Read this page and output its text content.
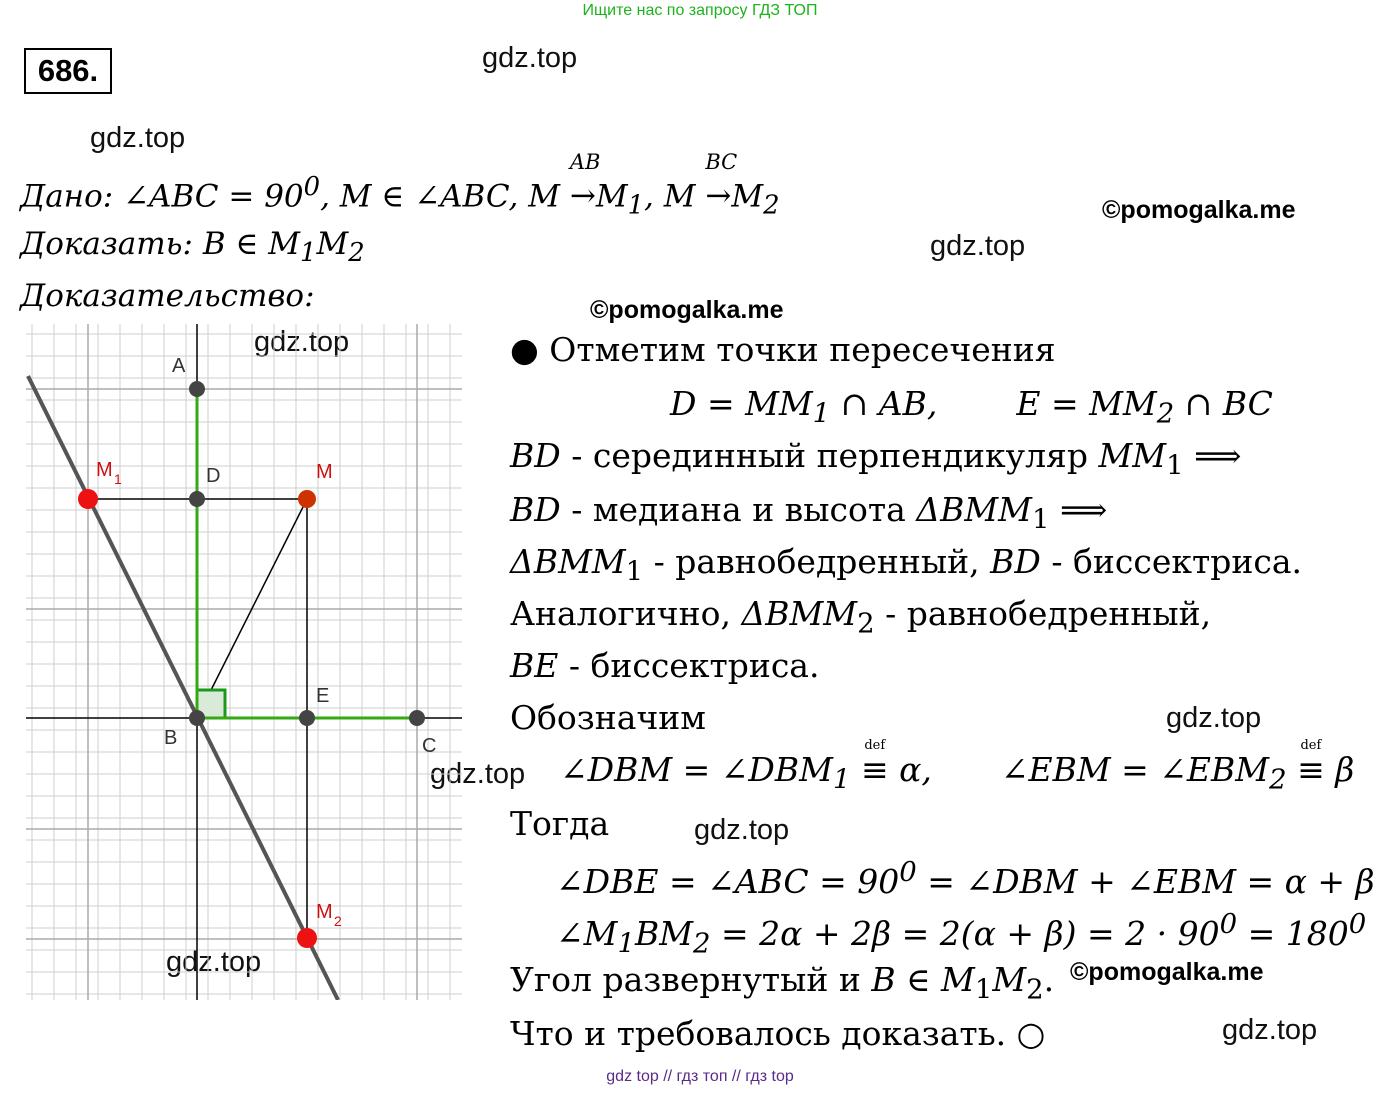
Ищите нас по запросу ГДЗ ТОП
686.	gdz.top
gdz.top
gdz.top
gdz.top
gdz.top
gdz.top
gdz.top
gdz.top
gdz.top
©pomogalka.me
©pomogalka.me
©pomogalka.me
Дано: ∠ABC = $90^0$, M ∈ ∠ABC, M
AB
$\to M_1$, M
BC
$\to M_2$
Доказать: B ∈ $M_1M_2$
Доказательство:
A
D	M
M 1
E
B	C
M 2
● Отметим точки пересечения
$D = MM_1$ ∩ AB, $E = MM_2$ ∩ BC
BD - серединный перпендикуляр $MM_1$ ⟹
BD - медиана и высота $\Delta BMM_1$ ⟹
$\Delta BMM_1$ - равнобедренный, BD - биссектриса.
Аналогично, $\Delta BMM_2$ - равнобедренный,
BE - биссектриса.
Обозначим
∠DBM = $\angle DBM_1$
def
≡ α, ∠EBM = $\angle EBM_2$
def
≡ β
Тогда
∠DBE = ∠ABC = $90^0$ = ∠DBM + ∠EBM = α + β
$\angle M_1BM_2 = 2\alpha + 2\beta = 2(\alpha + \beta) = 2 \cdot 90^0 = 180^0$
Угол развернутый и B ∈ $M_1M_2$.
Что и требовалось доказать. ○
gdz top // гдз топ // гдз top
